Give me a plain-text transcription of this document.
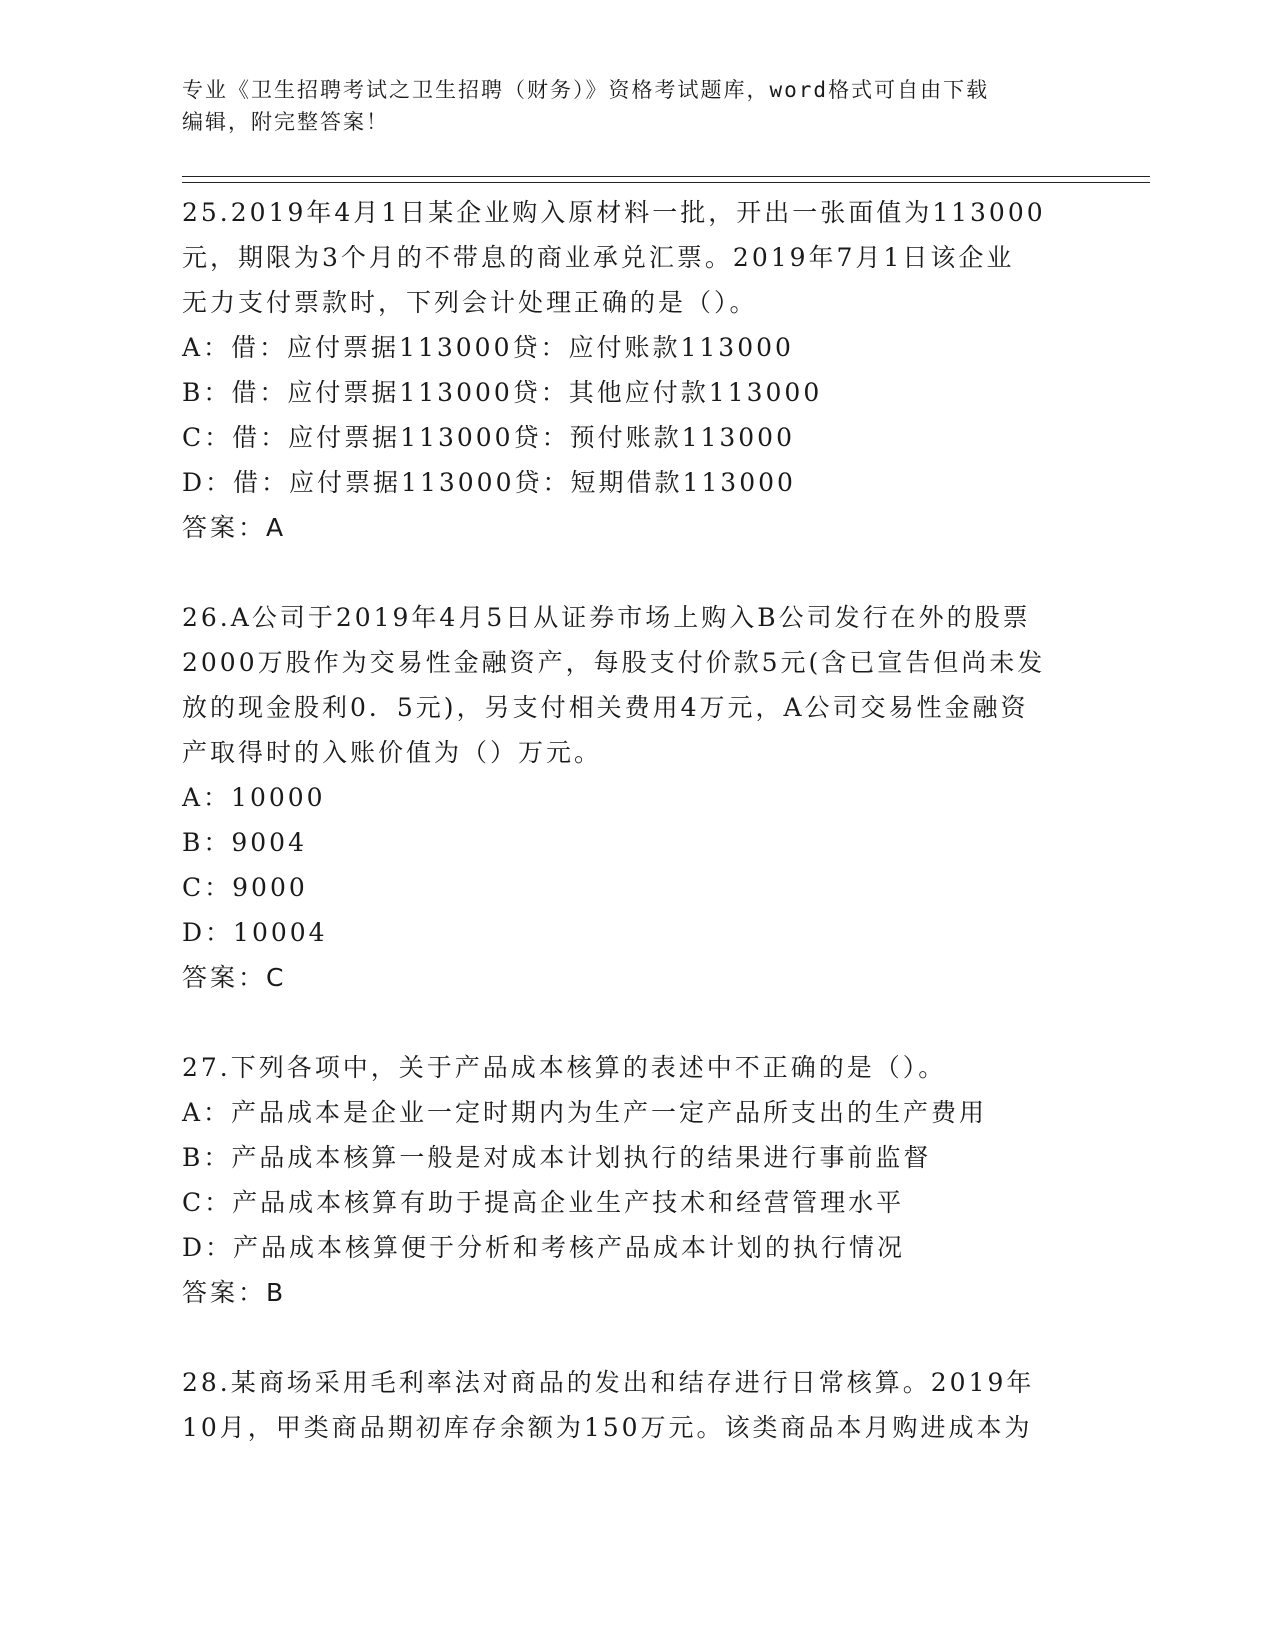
专业《卫生招聘考试之卫生招聘（财务）》资格考试题库，word格式可自由下载
编辑，附完整答案！

25.2019年4月1日某企业购入原材料一批，开出一张面值为113000

元，期限为3个月的不带息的商业承兑汇票。2019年7月1日该企业

无力支付票款时，下列会计处理正确的是（）。

A：借：应付票据113000贷：应付账款113000

B：借：应付票据113000贷：其他应付款113000

C：借：应付票据113000贷：预付账款113000

D：借：应付票据113000贷：短期借款113000

答案：A

26.A公司于2019年4月5日从证券市场上购入B公司发行在外的股票

2000万股作为交易性金融资产，每股支付价款5元(含已宣告但尚未发

放的现金股利0．5元)，另支付相关费用4万元，A公司交易性金融资

产取得时的入账价值为（）万元。

A：10000

B：9004

C：9000

D：10004

答案：C

27.下列各项中，关于产品成本核算的表述中不正确的是（）。

A：产品成本是企业一定时期内为生产一定产品所支出的生产费用

B：产品成本核算一般是对成本计划执行的结果进行事前监督

C：产品成本核算有助于提高企业生产技术和经营管理水平

D：产品成本核算便于分析和考核产品成本计划的执行情况

答案：B

28.某商场采用毛利率法对商品的发出和结存进行日常核算。2019年

10月，甲类商品期初库存余额为150万元。该类商品本月购进成本为
